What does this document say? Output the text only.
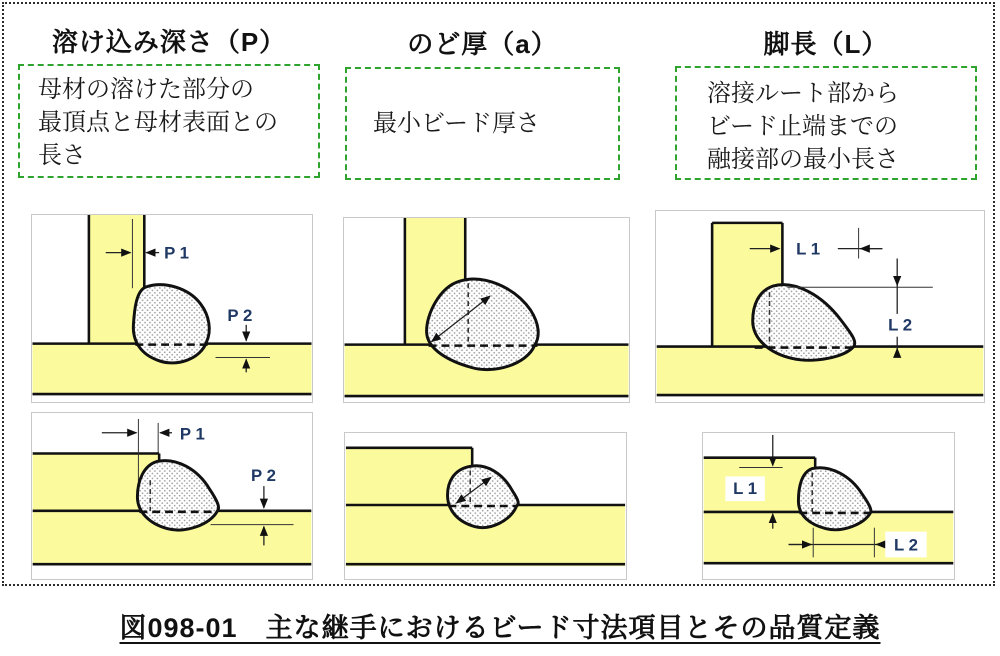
溶け込み深さ（P）	のど厚（a）	脚長（L）
母材の溶けた部分の
最頂点と母材表面との
長さ
最小ビード厚さ
溶接ルート部から
ビード止端までの
融接部の最小長さ
P 1
P 2
L 1
L 2
P 1
P 2
L 1
L 2
図098-01　主な継手におけるビード寸法項目とその品質定義
